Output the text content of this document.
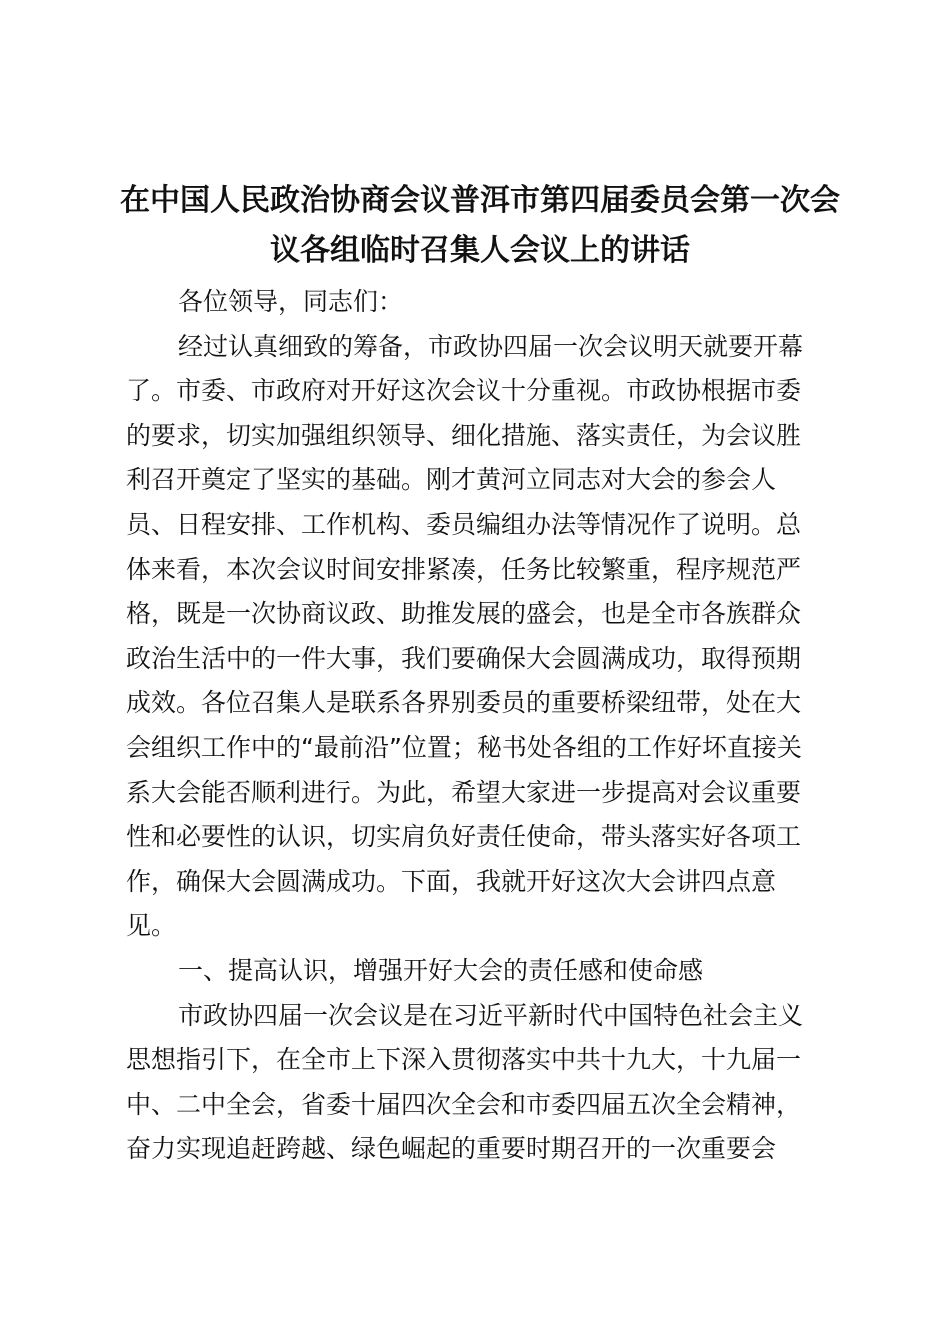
在中国人民政治协商会议普洱市第四届委员会第一次会
议各组临时召集人会议上的讲话
各位领导，同志们：
经过认真细致的筹备，市政协四届一次会议明天就要开幕
了。市委、市政府对开好这次会议十分重视。市政协根据市委
的要求，切实加强组织领导、细化措施、落实责任，为会议胜
利召开奠定了坚实的基础。刚才黄河立同志对大会的参会人
员、日程安排、工作机构、委员编组办法等情况作了说明。总
体来看，本次会议时间安排紧凑，任务比较繁重，程序规范严
格，既是一次协商议政、助推发展的盛会，也是全市各族群众
政治生活中的一件大事，我们要确保大会圆满成功，取得预期
成效。各位召集人是联系各界别委员的重要桥梁纽带，处在大
会组织工作中的“最前沿”位置；秘书处各组的工作好坏直接关
系大会能否顺利进行。为此，希望大家进一步提高对会议重要
性和必要性的认识，切实肩负好责任使命，带头落实好各项工
作，确保大会圆满成功。下面，我就开好这次大会讲四点意
见。
一、提高认识，增强开好大会的责任感和使命感
市政协四届一次会议是在习近平新时代中国特色社会主义
思想指引下，在全市上下深入贯彻落实中共十九大，十九届一
中、二中全会，省委十届四次全会和市委四届五次全会精神，
奋力实现追赶跨越、绿色崛起的重要时期召开的一次重要会
